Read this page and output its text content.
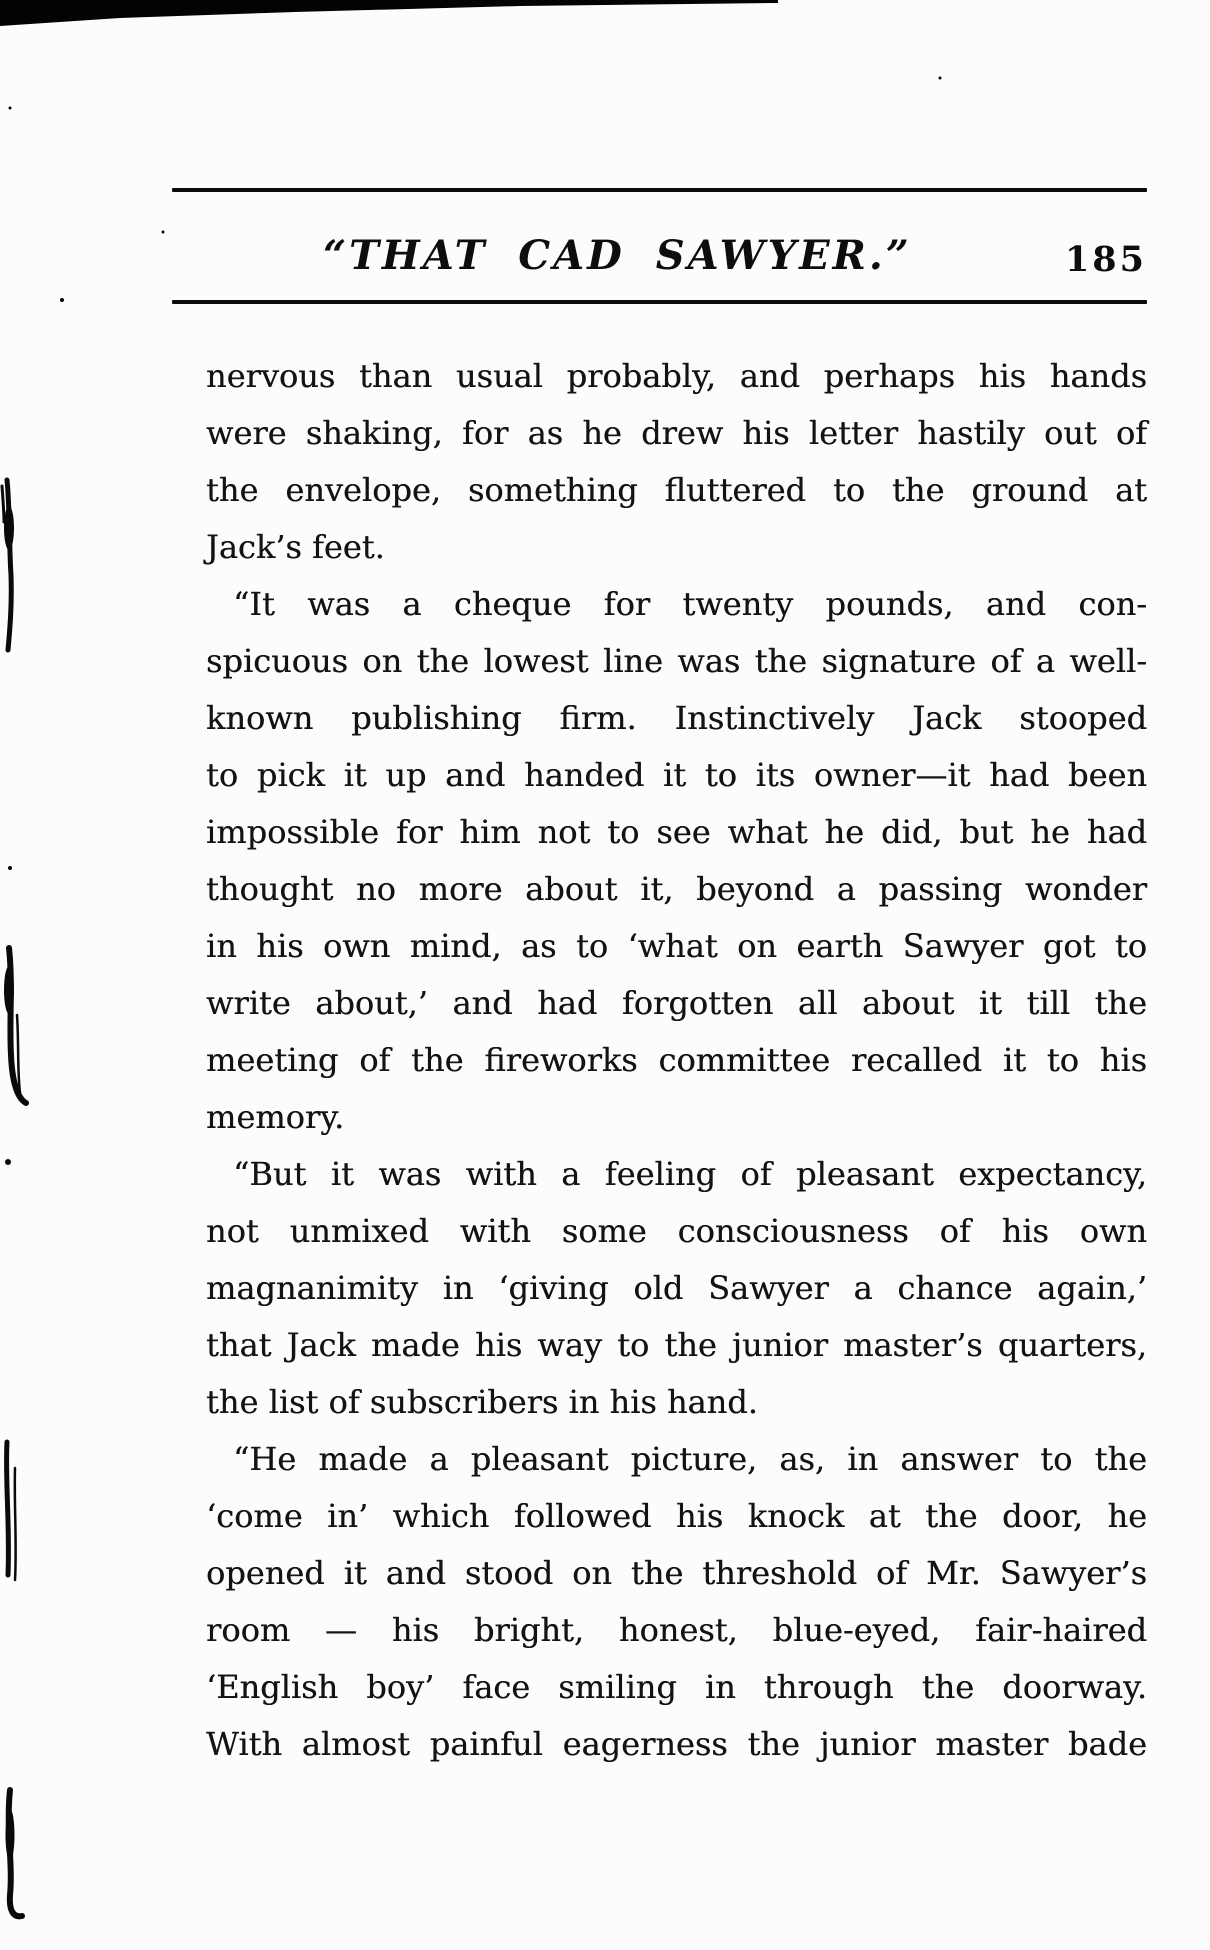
“THAT CAD SAWYER.”	185
nervous than usual probably, and perhaps his hands
were shaking, for as he drew his letter hastily out of
the envelope, something fluttered to the ground at
Jack’s feet.
“It was a cheque for twenty pounds, and con-
spicuous on the lowest line was the signature of a well-
known publishing firm. Instinctively Jack stooped
to pick it up and handed it to its owner—it had been
impossible for him not to see what he did, but he had
thought no more about it, beyond a passing wonder
in his own mind, as to ‘what on earth Sawyer got to
write about,’ and had forgotten all about it till the
meeting of the fireworks committee recalled it to his
memory.
“But it was with a feeling of pleasant expectancy,
not unmixed with some consciousness of his own
magnanimity in ‘giving old Sawyer a chance again,’
that Jack made his way to the junior master’s quarters,
the list of subscribers in his hand.
“He made a pleasant picture, as, in answer to the
‘come in’ which followed his knock at the door, he
opened it and stood on the threshold of Mr. Sawyer’s
room — his bright, honest, blue-eyed, fair-haired
‘English boy’ face smiling in through the doorway.
With almost painful eagerness the junior master bade
